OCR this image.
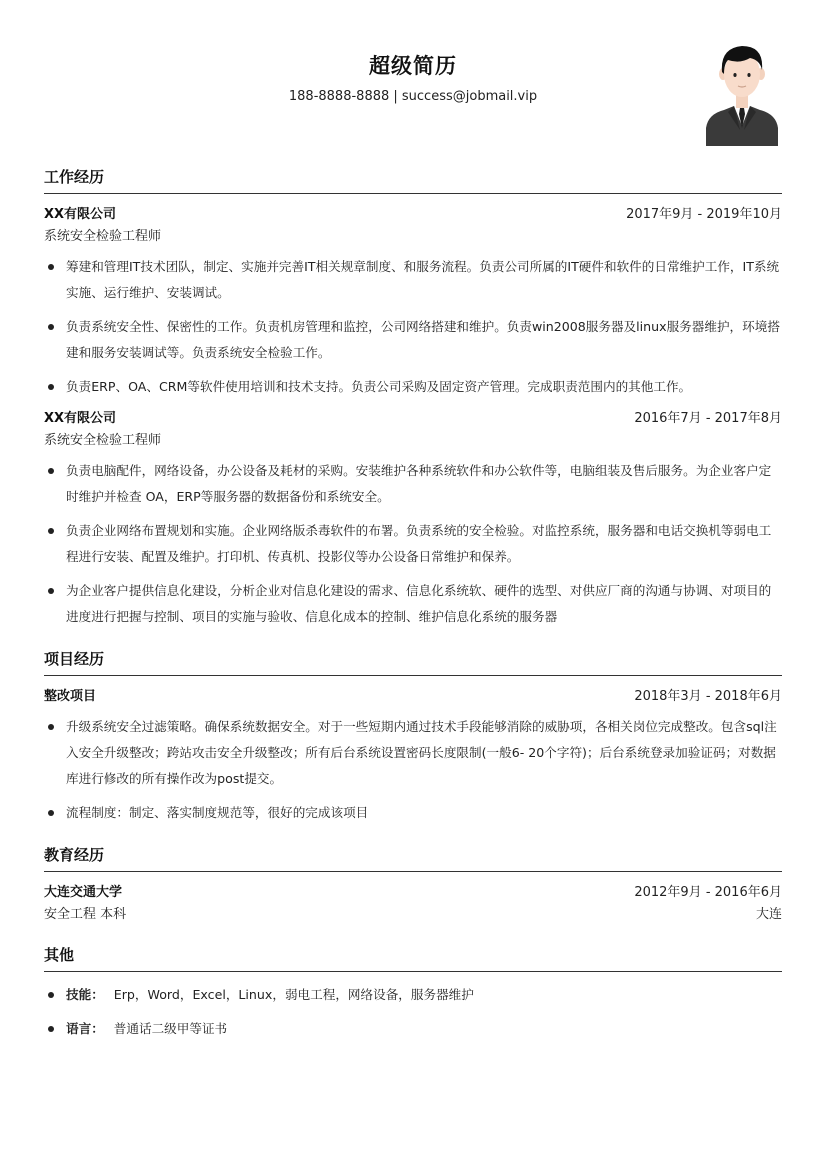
超级简历
188-8888-8888 | success@jobmail.vip
工作经历
XX有限公司	2017年9月 - 2019年10月
系统安全检验工程师
筹建和管理IT技术团队，制定、实施并完善IT相关规章制度、和服务流程。负责公司所属的IT硬件和软件的日常维护工作，IT系统实施、运行维护、安装调试。
负责系统安全性、保密性的工作。负责机房管理和监控，公司网络搭建和维护。负责win2008服务器及linux服务器维护，环境搭建和服务安装调试等。负责系统安全检验工作。
负责ERP、OA、CRM等软件使用培训和技术支持。负责公司采购及固定资产管理。完成职责范围内的其他工作。
XX有限公司	2016年7月 - 2017年8月
系统安全检验工程师
负责电脑配件，网络设备，办公设备及耗材的采购。安装维护各种系统软件和办公软件等，电脑组装及售后服务。为企业客户定时维护并检查 OA，ERP等服务器的数据备份和系统安全。
负责企业网络布置规划和实施。企业网络版杀毒软件的布署。负责系统的安全检验。对监控系统，服务器和电话交换机等弱电工程进行安装、配置及维护。打印机、传真机、投影仪等办公设备日常维护和保养。
为企业客户提供信息化建设，分析企业对信息化建设的需求、信息化系统软、硬件的选型、对供应厂商的沟通与协调、对项目的进度进行把握与控制、项目的实施与验收、信息化成本的控制、维护信息化系统的服务器
项目经历
整改项目	2018年3月 - 2018年6月
升级系统安全过滤策略。确保系统数据安全。对于一些短期内通过技术手段能够消除的威胁项，各相关岗位完成整改。包含sql注入安全升级整改；跨站攻击安全升级整改；所有后台系统设置密码长度限制(一般6- 20个字符)；后台系统登录加验证码；对数据库进行修改的所有操作改为post提交。
流程制度：制定、落实制度规范等，很好的完成该项目
教育经历
大连交通大学	2012年9月 - 2016年6月
安全工程 本科	大连
其他
技能： Erp，Word，Excel，Linux，弱电工程，网络设备，服务器维护
语言： 普通话二级甲等证书
